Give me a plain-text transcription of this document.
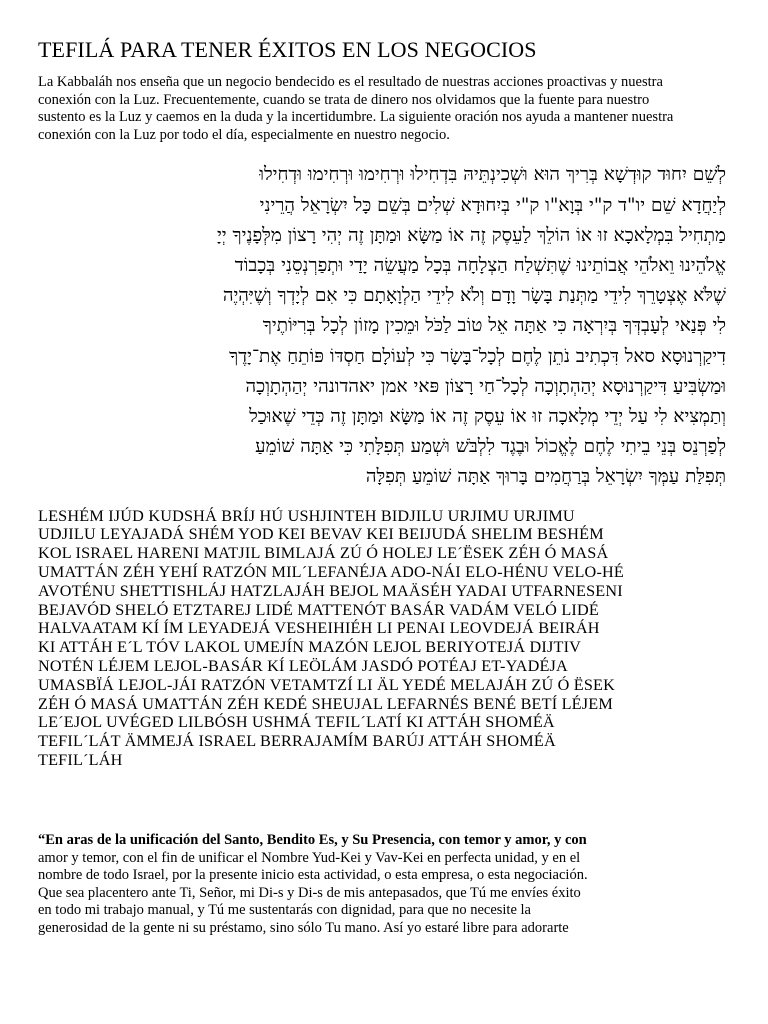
TEFILÁ PARA TENER ÉXITOS EN LOS NEGOCIOS
La Kabbaláh nos enseña que un negocio bendecido es el resultado de nuestras acciones proactivas y nuestra
conexión con la Luz. Frecuentemente, cuando se trata de dinero nos olvidamos que la fuente para nuestro
sustento es la Luz y caemos en la duda y la incertidumbre. La siguiente oración nos ayuda a mantener nuestra
conexión con la Luz por todo el día, especialmente en nuestro negocio.
לְשֵׁם יִחוּד קוּדְשָׁא בְּרִיךְ הוּא וּשְׁכִינְתֵּיהּ בִּדְחִילוּ וּרְחִימוּ וּרְחִימוּ וּדְחִילוּ
לְיַחֲדָא שֵׁם יו"ד ק"י בְּוָא"ו ק"י בְּיִחוּדָא שְׁלִים בְּשֵׁם כָּל יִשְׂרָאֵל הֲרֵינִי
מַתְחִיל בִּמְלָאכָא זוּ אוֹ הוֹלֵךְ לַעֵסֶק זֶה אוֹ מַשָּׂא וּמַתָּן זֶה יְהִי רָצוֹן מִלְּפָנֶיךָ יְיָ
אֱלֹהֵינוּ וֵאלֹהֵי אֲבוֹתֵינוּ שֶׁתִּשְׁלַח הַצְלָחָה בְּכָל מַעֲשֵׂה יָדַי וּתְפַרְנְסֵנִי בְּכָבוֹד
שֶׁלֹּא אֶצְטָרֵךְ לִידֵי מַתְּנַת בָּשָׂר וָדָם וְלֹא לִידֵי הַלְוָאָתָם כִּי אִם לְיָדְךָ וְשֶׁיִּהְיֶה
לִי פְּנַאי לְעָבְדְּךָ בְּיִרְאָה כִּי אַתָּה אֵל טוֹב לַכֹּל וּמֵכִין מָזוֹן לְכָל בְּרִיּוֹתֶיךָ
דִיקַרְנוּסָא סאל דִּכְתִיב נֹתֵן לֶחֶם לְכָל־בָּשָׂר כִּי לְעוֹלָם חַסְדּוֹ פּוֹתֵחַ אֶת־יָדֶךָ
וּמַשְׂבִּיעַ דִּיקַרְנוּסָא יְהַהְתָוְכָה לְכָל־חַי רָצוֹן פּאי אמן יאהדונהי יְהַהְתָוְכָה
וְתַמְצִיא לִי עַל יְדֵי מְלָאכָה זוּ אוֹ עֵסֶק זֶה אוֹ מַשָּׂא וּמַתָּן זֶה כְּדֵי שֶׁאוּכַל
לְפַרְנֵס בְּנֵי בֵיתִי לֶחֶם לֶאֱכוֹל וּבֶגֶד לִלְבֹּשׁ וּשְׁמַע תְּפִלָּתִי כִּי אַתָּה שׁוֹמֵעַ
תְּפִלַּת עַמְּךָ יִשְׂרָאֵל בְּרַחֲמִים בָּרוּךְ אַתָּה שׁוֹמֵעַ תְּפִלָּה
LESHÉM IJÚD KUDSHÁ BRÍJ HÚ USHJINTEH BIDJILU URJIMU URJIMU
UDJILU LEYAJADÁ SHÉM YOD KEI BEVAV KEI BEIJUDÁ SHELIM BESHÉM
KOL ISRAEL HARENI MATJIL BIMLAJÁ ZÚ Ó HOLEJ LE´ËSEK ZÉH Ó MASÁ
UMATTÁN ZÉH YEHÍ RATZÓN MIL´LEFANÉJA ADO-NÁI ELO-HÉNU VELO-HÉ
AVOTÉNU SHETTISHLÁJ HATZLAJÁH BEJOL MAÄSÉH YADAI UTFARNESENI
BEJAVÓD SHELÓ ETZTAREJ LIDÉ MATTENÓT BASÁR VADÁM VELÓ LIDÉ
HALVAATAM KÍ ÍM LEYADEJÁ VESHEIHIÉH LI PENAI LEOVDEJÁ BEIRÁH
KI ATTÁH E´L TÓV LAKOL UMEJÍN MAZÓN LEJOL BERIYOTEJÁ DIJTIV
NOTÉN LÉJEM LEJOL-BASÁR KÍ LEÖLÁM JASDÓ POTÉAJ ET-YADÉJA
UMASBÏÁ LEJOL-JÁI RATZÓN VETAMTZÍ LI ÄL YEDÉ MELAJÁH ZÚ Ó ËSEK
ZÉH Ó MASÁ UMATTÁN ZÉH KEDÉ SHEUJAL LEFARNÉS BENÉ BETÍ LÉJEM
LE´EJOL UVÉGED LILBÓSH USHMÁ TEFIL´LATÍ KI ATTÁH SHOMÉÄ
TEFIL´LÁT ÄMMEJÁ ISRAEL BERRAJAMÍM BARÚJ ATTÁH SHOMÉÄ
TEFIL´LÁH
“En aras de la unificación del Santo, Bendito Es, y Su Presencia, con temor y amor, y con
amor y temor, con el fin de unificar el Nombre Yud-Kei y Vav-Kei en perfecta unidad, y en el
nombre de todo Israel, por la presente inicio esta actividad, o esta empresa, o esta negociación.
Que sea placentero ante Ti, Señor, mi Di-s y Di-s de mis antepasados, que Tú me envíes éxito
en todo mi trabajo manual, y Tú me sustentarás con dignidad, para que no necesite la
generosidad de la gente ni su préstamo, sino sólo Tu mano. Así yo estaré libre para adorarte
